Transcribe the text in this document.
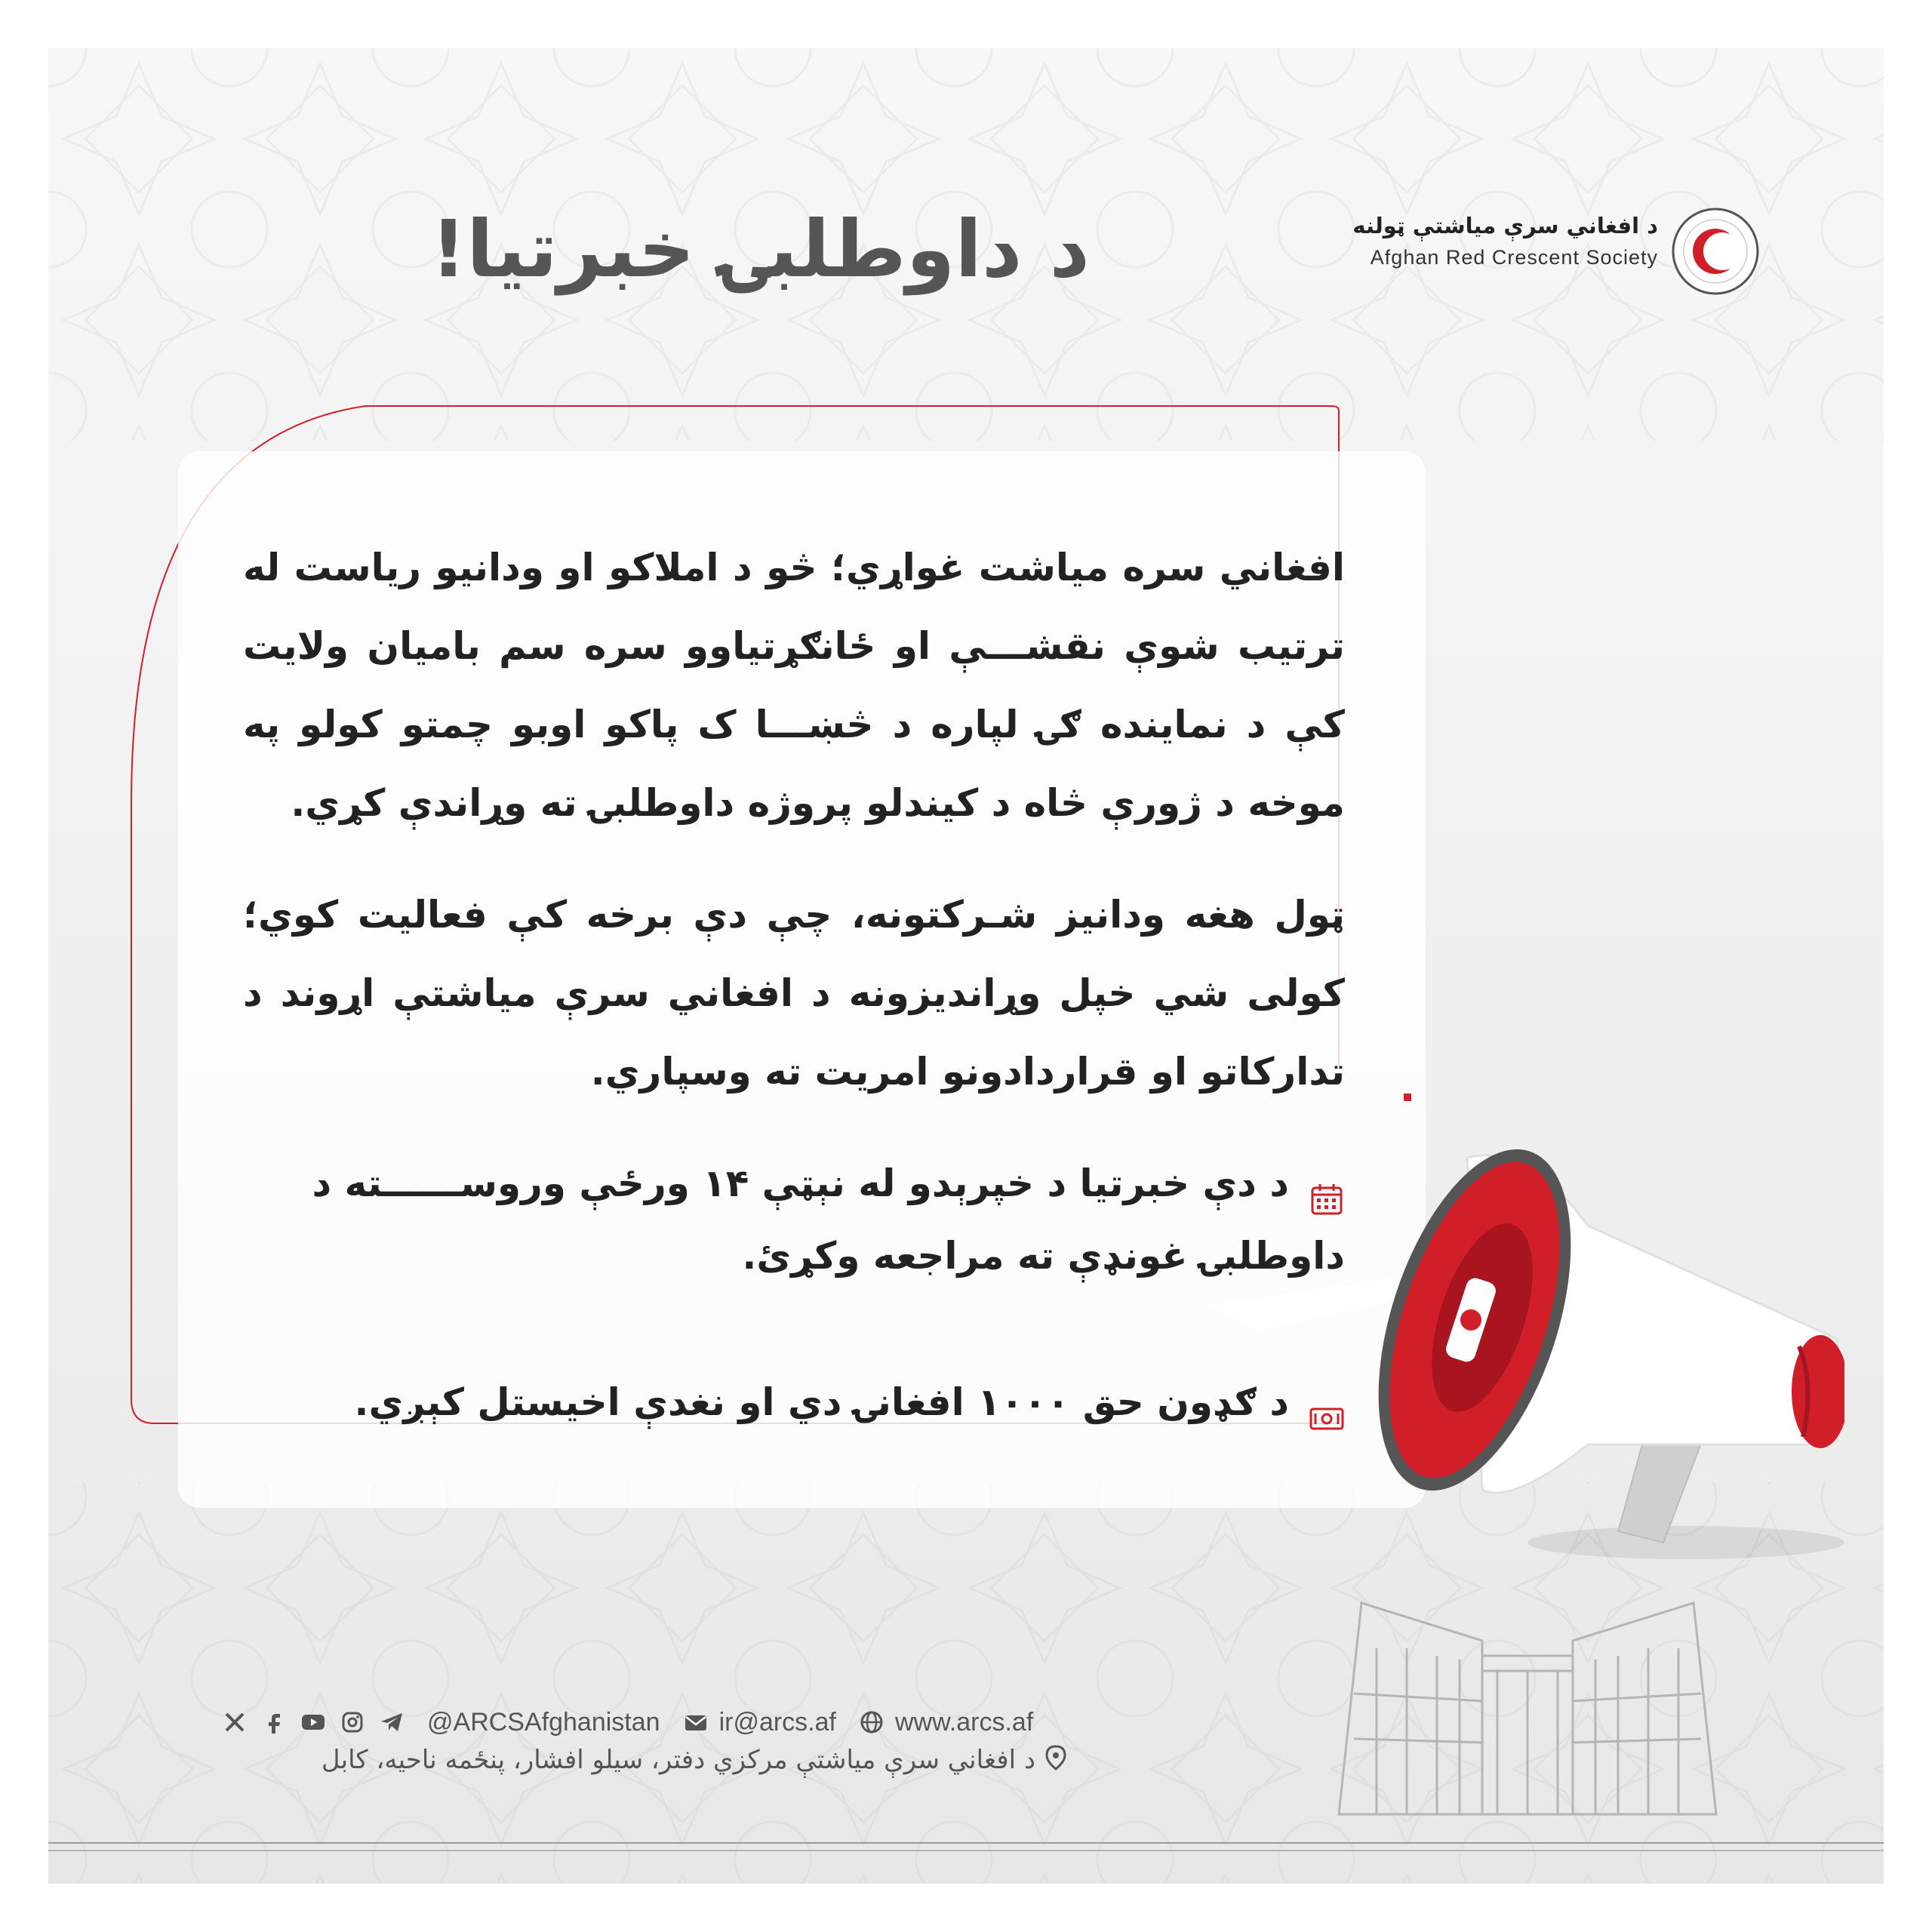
د داوطلبۍ خبرتیا!	د افغاني سرې میاشتې ټولنه
Afghan Red Crescent Society
افغاني سره میاشت غواړي؛ څو د املاکو او ودانیو ریاست له ترتیب شوې نقشـــې او ځانګړتیاوو سره سم بامیان ولایت کې د نماینده ګۍ لپاره د څښـــا ک پاکو اوبو چمتو کولو په موخه د ژورې څاه د کیندلو پروژه داوطلبۍ ته وړاندې کړي.
ټول هغه ودانیز شـرکتونه، چې دې برخه کې فعالیت کوي؛ کولی شي خپل وړاندیزونه د افغاني سرې میاشتې اړوند د تدارکاتو او قراردادونو امریت ته وسپاري.
د دې خبرتیا د خپرېدو له نېټې ۱۴ ورځې وروســــــته د داوطلبۍ غونډې ته مراجعه وکړئ.
د ګډون حق ۱۰۰۰ افغانۍ دي او نغدې اخیستل کېږي.
@ARCSAfghanistan ir@arcs.af www.arcs.af
د افغاني سرې میاشتې مرکزي دفتر، سیلو افشار، پنځمه ناحیه، کابل
